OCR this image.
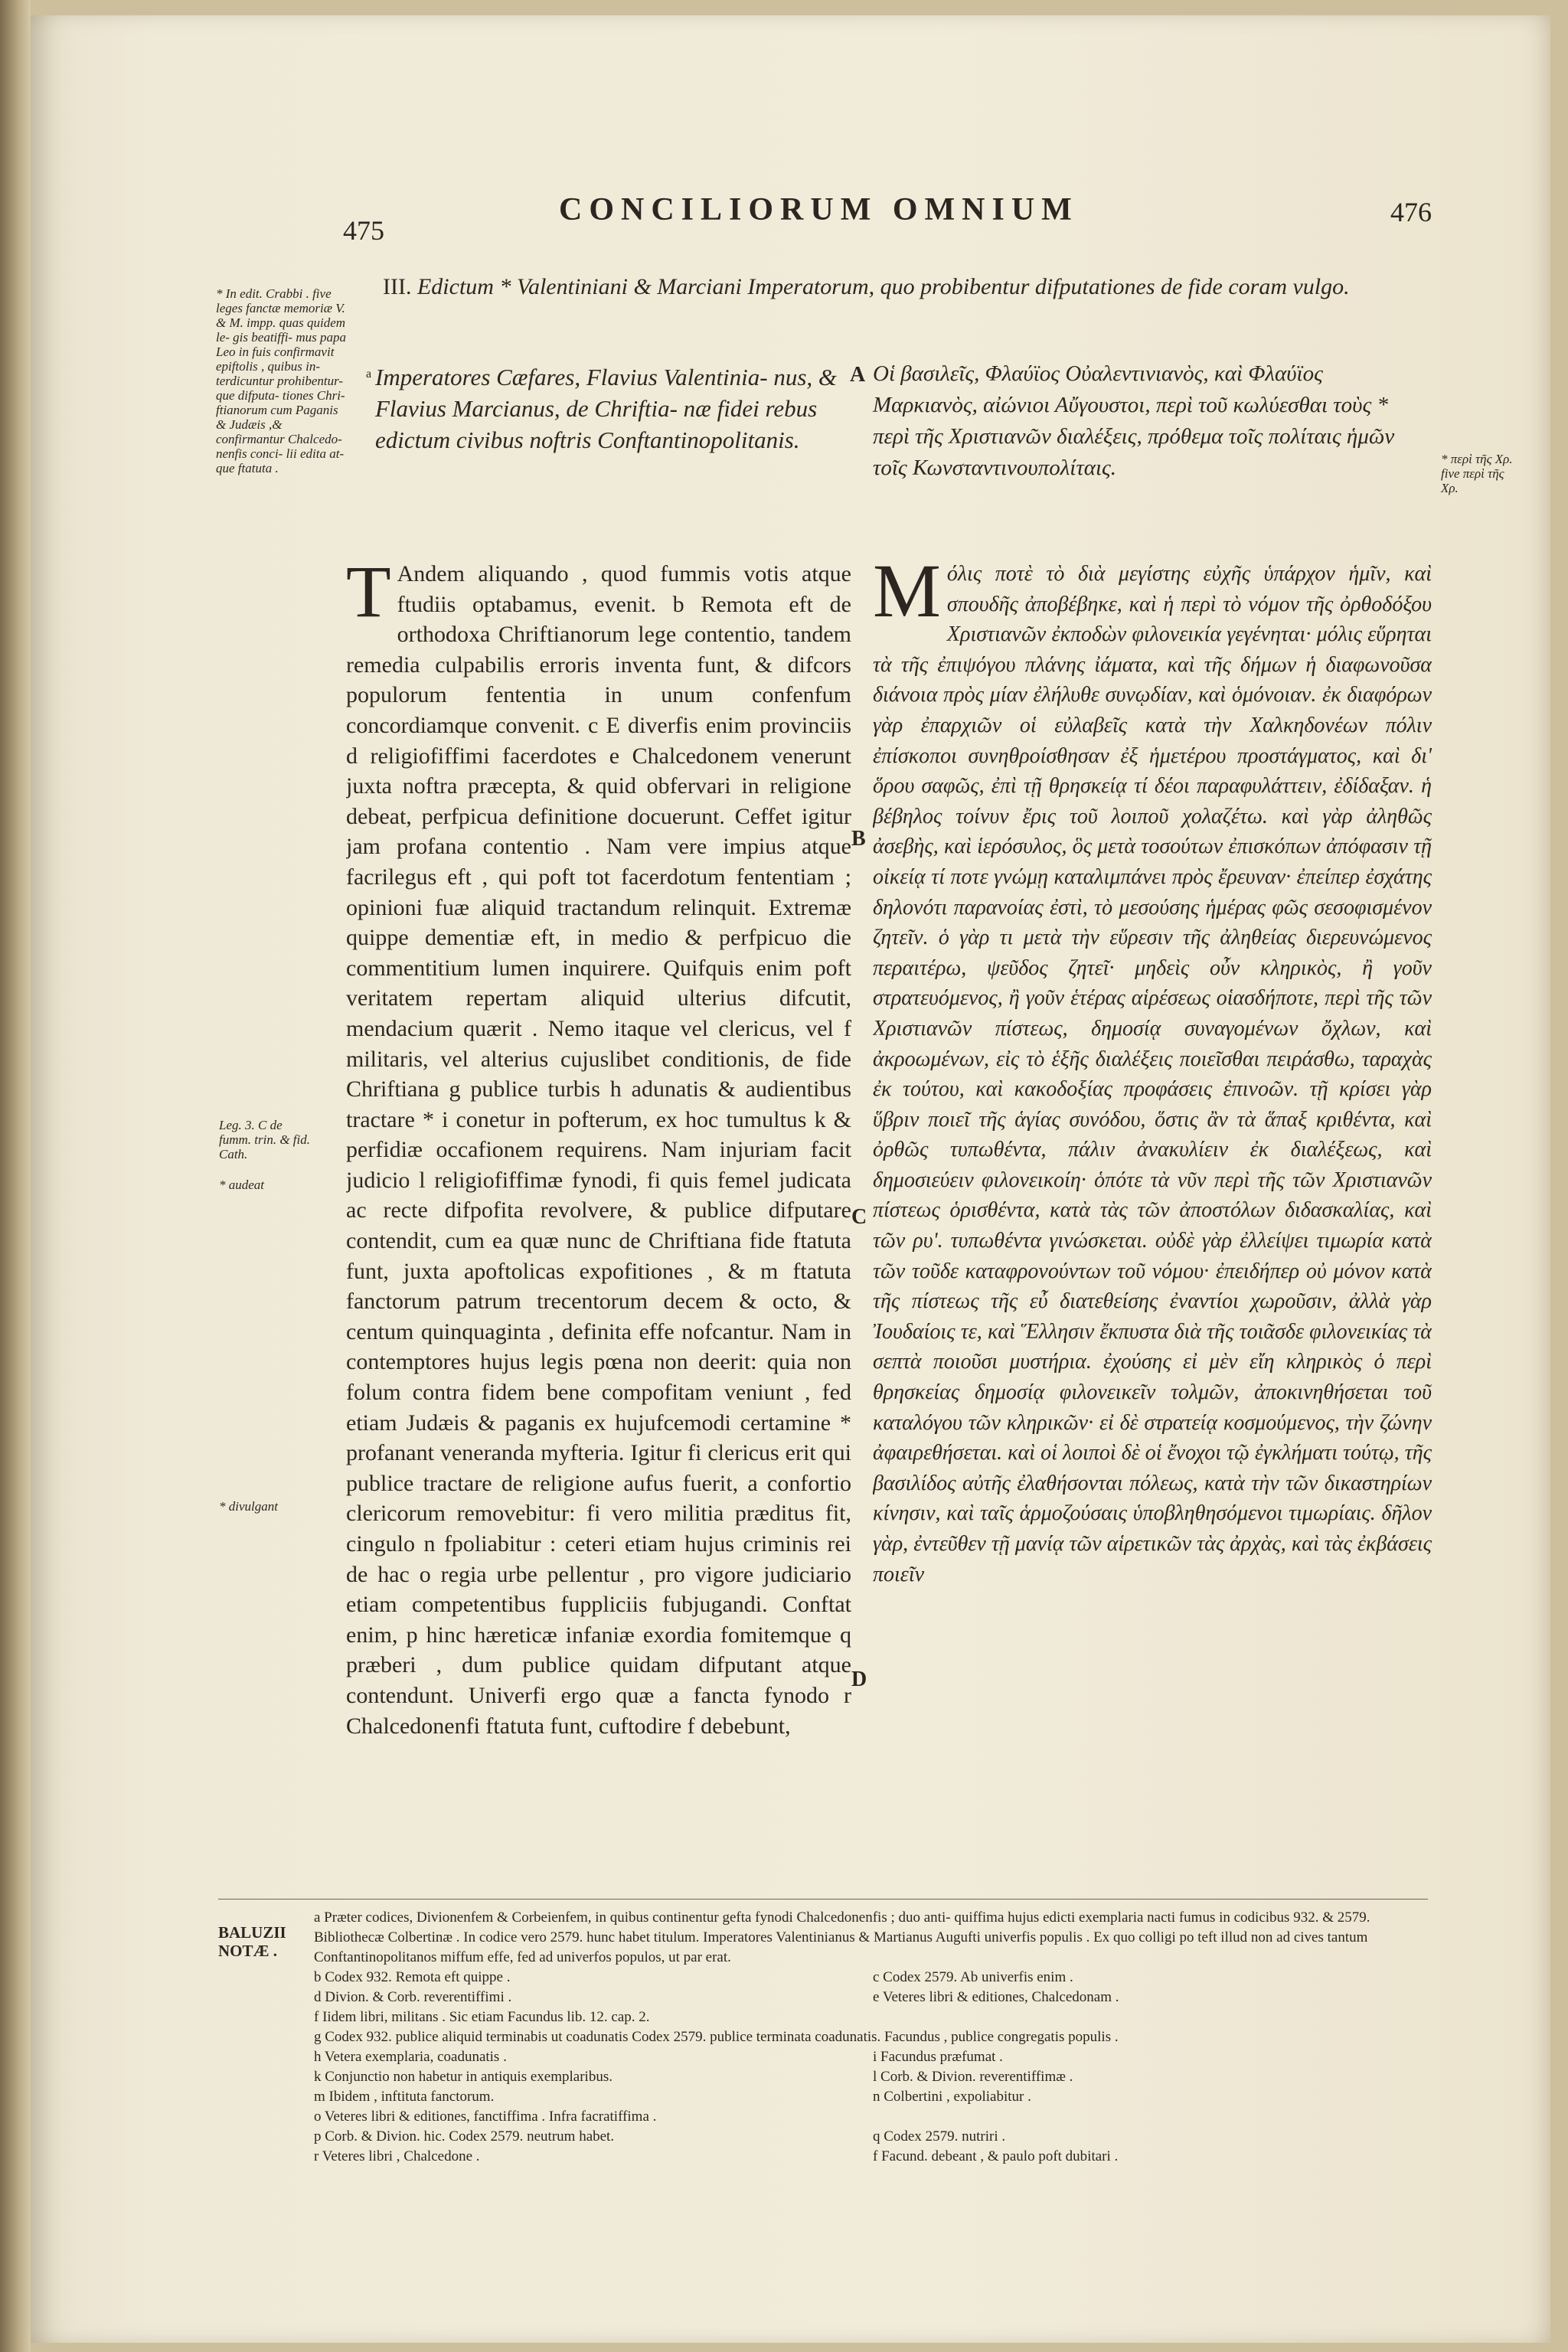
475
CONCILIORUM OMNIUM	476
* In edit. Crabbi . five leges fanctæ memoriæ V. & M. impp. quas quidem le- gis beatiffi- mus papa Leo in fuis confirmavit epiftolis , quibus in- terdicuntur prohibentur- que difputa- tiones Chri- ftianorum cum Paganis & Judæis ,& confirmantur Chalcedo- nenfis conci- lii edita at- que ftatuta .
III. Edictum * Valentiniani & Marciani Imperatorum, quo probibentur difputationes de fide coram vulgo.
a Imperatores Cæfares, Flavius Valentinia- nus, & Flavius Marcianus, de Chriftia- næ fidei rebus edictum civibus noftris Conftantinopolitanis.
A Οἱ βασιλεῖς, Φλαύϊος Οὐαλεντινιανὸς, καὶ Φλαύϊος Μαρκιανὸς, αἰώνιοι Αὔγουστοι, περὶ τοῦ κωλύεσθαι τοὺς * περὶ τῆς Χριστιανῶν διαλέξεις, πρόθεμα τοῖς πολίταις ἡμῶν τοῖς Κωνσταντινουπολίταις.	* περὶ τῆς Χρ. five περὶ τῆς Χρ.
Leg. 3. C de fumm. trin. & fid. Cath.
* audeat
* divulgant
T Andem aliquando , quod fummis votis atque ftudiis optabamus, evenit. b Remota eft de orthodoxa Chriftianorum lege contentio, tandem remedia culpabilis erroris inventa funt, & difcors populorum fententia in unum confenfum concordiamque convenit. c E diverfis enim provinciis d religiofiffimi facerdotes e Chalcedonem venerunt juxta noftra præcepta, & quid obfervari in religione debeat, perfpicua definitione docuerunt. Ceffet igitur jam profana contentio . Nam vere impius atque facrilegus eft , qui poft tot facerdotum fententiam ; opinioni fuæ aliquid tractandum relinquit. Extremæ quippe dementiæ eft, in medio & perfpicuo die commentitium lumen inquirere. Quifquis enim poft veritatem repertam aliquid ulterius difcutit, mendacium quærit . Nemo itaque vel clericus, vel f militaris, vel alterius cujuslibet conditionis, de fide Chriftiana g publice turbis h adunatis & audientibus tractare * i conetur in pofterum, ex hoc tumultus k & perfidiæ occafionem requirens. Nam injuriam facit judicio l religiofiffimæ fynodi, fi quis femel judicata ac recte difpofita revolvere, & publice difputare contendit, cum ea quæ nunc de Chriftiana fide ftatuta funt, juxta apoftolicas expofitiones , & m ftatuta fanctorum patrum trecentorum decem & octo, & centum quinquaginta , definita effe nofcantur. Nam in contemptores hujus legis pœna non deerit: quia non folum contra fidem bene compofitam veniunt , fed etiam Judæis & paganis ex hujufcemodi certamine * profanant veneranda myfteria. Igitur fi clericus erit qui publice tractare de religione aufus fuerit, a confortio clericorum removebitur: fi vero militia præditus fit, cingulo n fpoliabitur : ceteri etiam hujus criminis rei de hac o regia urbe pellentur , pro vigore judiciario etiam competentibus fuppliciis fubjugandi. Conftat enim, p hinc hæreticæ infaniæ exordia fomitemque q præberi , dum publice quidam difputant atque contendunt. Univerfi ergo quæ a fancta fynodo r Chalcedonenfi ftatuta funt, cuftodire f debebunt,
B
C
D
Μόλις ποτὲ τὸ διὰ μεγίστης εὐχῆς ὑπάρχον ἡμῖν, καὶ σπουδῆς ἀποβέβηκε, καὶ ἡ περὶ τὸ νόμον τῆς ὀρθοδόξου Χριστιανῶν ἐκποδὼν φιλονεικία γεγένηται· μόλις εὕρηται τὰ τῆς ἐπιψόγου πλάνης ἰάματα, καὶ τῆς δήμων ἡ διαφωνοῦσα διάνοια πρὸς μίαν ἐλήλυθε συνῳδίαν, καὶ ὁμόνοιαν. ἐκ διαφόρων γὰρ ἐπαρχιῶν οἱ εὐλαβεῖς κατὰ τὴν Χαλκηδονέων πόλιν ἐπίσκοποι συνηθροίσθησαν ἐξ ἡμετέρου προστάγματος, καὶ δι' ὅρου σαφῶς, ἐπὶ τῇ θρησκείᾳ τί δέοι παραφυλάττειν, ἐδίδαξαν. ἡ βέβηλος τοίνυν ἔρις τοῦ λοιποῦ χολαζέτω. καὶ γὰρ ἀληθῶς ἀσεβὴς, καὶ ἱερόσυλος, ὃς μετὰ τοσούτων ἐπισκόπων ἀπόφασιν τῇ οἰκείᾳ τί ποτε γνώμῃ καταλιμπάνει πρὸς ἔρευναν· ἐπείπερ ἐσχάτης δηλονότι παρανοίας ἐστὶ, τὸ μεσούσης ἡμέρας φῶς σεσοφισμένον ζητεῖν. ὁ γὰρ τι μετὰ τὴν εὕρεσιν τῆς ἀληθείας διερευνώμενος περαιτέρω, ψεῦδος ζητεῖ· μηδεὶς οὖν κληρικὸς, ἢ γοῦν στρατευόμενος, ἢ γοῦν ἑτέρας αἱρέσεως οἱασδήποτε, περὶ τῆς τῶν Χριστιανῶν πίστεως, δημοσίᾳ συναγομένων ὄχλων, καὶ ἀκροωμένων, εἰς τὸ ἑξῆς διαλέξεις ποιεῖσθαι πειράσθω, ταραχὰς ἐκ τούτου, καὶ κακοδοξίας προφάσεις ἐπινοῶν. τῇ κρίσει γὰρ ὕβριν ποιεῖ τῆς ἁγίας συνόδου, ὅστις ἂν τὰ ἅπαξ κριθέντα, καὶ ὀρθῶς τυπωθέντα, πάλιν ἀνακυλίειν ἐκ διαλέξεως, καὶ δημοσιεύειν φιλονεικοίη· ὁπότε τὰ νῦν περὶ τῆς τῶν Χριστιανῶν πίστεως ὁρισθέντα, κατὰ τὰς τῶν ἀποστόλων διδασκαλίας, καὶ τῶν ρυʹ. τυπωθέντα γινώσκεται. οὐδὲ γὰρ ἐλλείψει τιμωρία κατὰ τῶν τοῦδε καταφρονούντων τοῦ νόμου· ἐπειδήπερ οὐ μόνον κατὰ τῆς πίστεως τῆς εὖ διατεθείσης ἐναντίοι χωροῦσιν, ἀλλὰ γὰρ Ἰουδαίοις τε, καὶ Ἕλλησιν ἔκπυστα διὰ τῆς τοιᾶσδε φιλονεικίας τὰ σεπτὰ ποιοῦσι μυστήρια. ἐχούσης εἰ μὲν εἴη κληρικὸς ὁ περὶ θρησκείας δημοσίᾳ φιλονεικεῖν τολμῶν, ἀποκινηθήσεται τοῦ καταλόγου τῶν κληρικῶν· εἰ δὲ στρατείᾳ κοσμούμενος, τὴν ζώνην ἀφαιρεθήσεται. καὶ οἱ λοιποὶ δὲ οἱ ἔνοχοι τῷ ἐγκλήματι τούτῳ, τῆς βασιλίδος αὐτῆς ἐλαθήσονται πόλεως, κατὰ τὴν τῶν δικαστηρίων κίνησιν, καὶ ταῖς ἁρμοζούσαις ὑποβληθησόμενοι τιμωρίαις. δῆλον γὰρ, ἐντεῦθεν τῇ μανίᾳ τῶν αἱρετικῶν τὰς ἀρχὰς, καὶ τὰς ἐκβάσεις ποιεῖν
BALUZII NOTÆ .
a Præter codices, Divionenfem & Corbeienfem, in quibus continentur gefta fynodi Chalcedonenfis ; duo anti- quiffima hujus edicti exemplaria nacti fumus in codicibus 932. & 2579. Bibliothecæ Colbertinæ . In codice vero 2579. hunc habet titulum. Imperatores Valentinianus & Martianus Augufti univerfis populis . Ex quo colligi po teft illud non ad cives tantum Conftantinopolitanos miffum effe, fed ad univerfos populos, ut par erat.
b Codex 932. Remota eft quippe .	c Codex 2579. Ab univerfis enim .
d Divion. & Corb. reverentiffimi .	e Veteres libri & editiones, Chalcedonam .
f Iidem libri, militans . Sic etiam Facundus lib. 12. cap. 2.
g Codex 932. publice aliquid terminabis ut coadunatis Codex 2579. publice terminata coadunatis. Facundus , publice congregatis populis .
h Vetera exemplaria, coadunatis .	i Facundus præfumat .
k Conjunctio non habetur in antiquis exemplaribus.	l Corb. & Divion. reverentiffimæ .
m Ibidem , inftituta fanctorum.	n Colbertini , expoliabitur .
o Veteres libri & editiones, fanctiffima . Infra facratiffima .
p Corb. & Divion. hic. Codex 2579. neutrum habet.	q Codex 2579. nutriri .
r Veteres libri , Chalcedone .	f Facund. debeant , & paulo poft dubitari .
